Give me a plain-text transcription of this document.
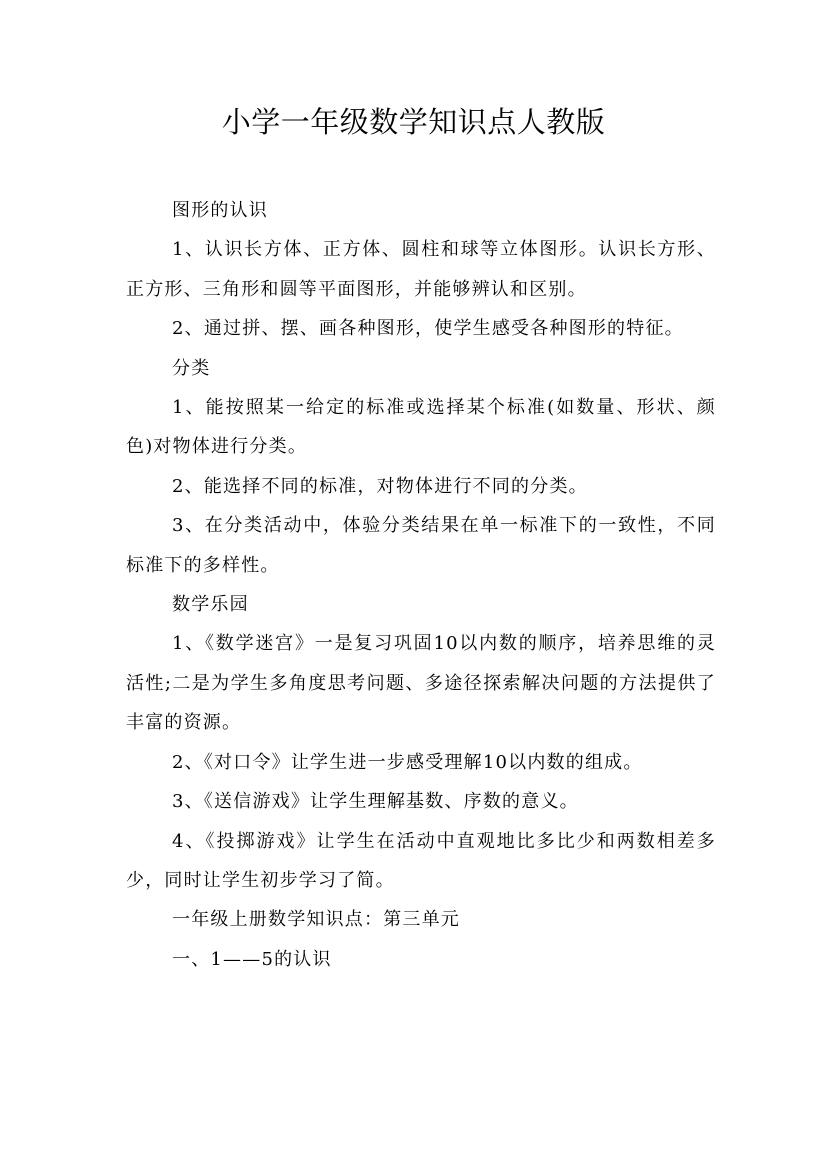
小学一年级数学知识点人教版

图形的认识

1、认识长方体、正方体、圆柱和球等立体图形。认识长方形、正方形、三角形和圆等平面图形，并能够辨认和区别。

2、通过拼、摆、画各种图形，使学生感受各种图形的特征。

分类

1、能按照某一给定的标准或选择某个标准(如数量、形状、颜色)对物体进行分类。

2、能选择不同的标准，对物体进行不同的分类。

3、在分类活动中，体验分类结果在单一标准下的一致性，不同标准下的多样性。

数学乐园

1、《数学迷宫》一是复习巩固10以内数的顺序，培养思维的灵活性;二是为学生多角度思考问题、多途径探索解决问题的方法提供了丰富的资源。

2、《对口令》让学生进一步感受理解10以内数的组成。

3、《送信游戏》让学生理解基数、序数的意义。

4、《投掷游戏》让学生在活动中直观地比多比少和两数相差多少，同时让学生初步学习了简。

一年级上册数学知识点：第三单元

一、1——5的认识
